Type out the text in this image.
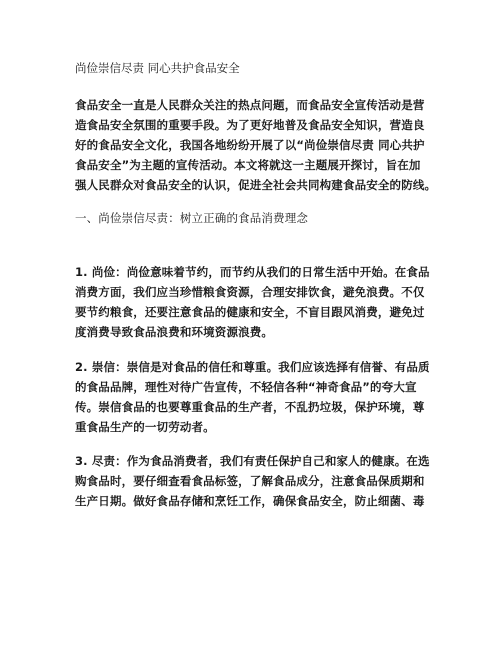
尚俭崇信尽责 同心共护食品安全
食品安全一直是人民群众关注的热点问题，而食品安全宣传活动是营
造食品安全氛围的重要手段。为了更好地普及食品安全知识，营造良
好的食品安全文化，我国各地纷纷开展了以“尚俭崇信尽责 同心共护
食品安全”为主题的宣传活动。本文将就这一主题展开探讨，旨在加
强人民群众对食品安全的认识，促进全社会共同构建食品安全的防线。
一、尚俭崇信尽责：树立正确的食品消费理念
1. 尚俭：尚俭意味着节约，而节约从我们的日常生活中开始。在食品
消费方面，我们应当珍惜粮食资源，合理安排饮食，避免浪费。不仅
要节约粮食，还要注意食品的健康和安全，不盲目跟风消费，避免过
度消费导致食品浪费和环境资源浪费。
2. 崇信：崇信是对食品的信任和尊重。我们应该选择有信誉、有品质
的食品品牌，理性对待广告宣传，不轻信各种“神奇食品”的夸大宣
传。崇信食品的也要尊重食品的生产者，不乱扔垃圾，保护环境，尊
重食品生产的一切劳动者。
3. 尽责：作为食品消费者，我们有责任保护自己和家人的健康。在选
购食品时，要仔细查看食品标签，了解食品成分，注意食品保质期和
生产日期。做好食品存储和烹饪工作，确保食品安全，防止细菌、毒
